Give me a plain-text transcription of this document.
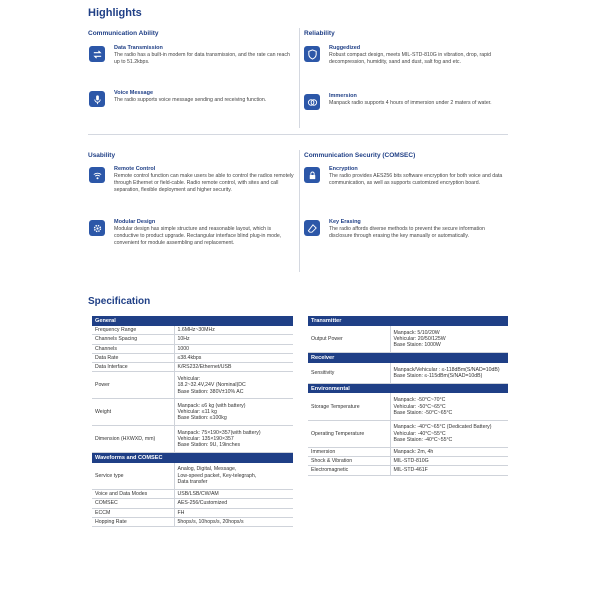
Highlights
Communication Ability
Data Transmission
The radio has a built-in modem for data transmission, and the rate can reach up to 51.2kbps.
Voice Message
The radio supports voice message sending and receiving function.
Reliability
Ruggedized
Robust compact design, meets MIL-STD-810G in vibration, drop, rapid decompression, humidity, sand and dust, salt fog and etc.
Immersion
Manpack radio supports 4 hours of immersion under 2 maters of water.
Usability
Remote Control
Remote control function can make users be able to control the radios remotely through Ethernet or field-cable. Radio remote control, with sites and call separation, flexible deployment and higher security.
Modular Design
Modular design has simple structure and reasonable layout, which is conductive to product upgrade. Rectangular interface blind plug-in mode, convenient for module assembling and replacement.
Communication Security (COMSEC)
Encryption
The radio provides AES256 bits software encryption for both voice and data communication, as well as supports customized encryption board.
Key Erasing
The radio affords diverse methods to prevent the secure information disclosure through erasing the key manually or automatically.
Specification
General	
Frequency Range	1.6MHz~30MHz

Channels Spacing	10Hz

Channels	1000

Data Rate	≤38.4kbps

Data Interface	K/RS232/Ethernet/USB

Power	Vehicular:
18.2~32.4V,24V (Nominal)DC
Base Station: 380V±10% AC

Weight	Manpack: ≤6 kg (with battery)
Vehicular: ≤11 kg
Base Station: ≤100kg

Dimension (HXWXD, mm)	Manpack: 75×190×357(with battery)
Vehicular: 135×190×357
Base Station: 9U, 19inches

Waveforms and COMSEC	
Service type	Analog, Digital, Message,
Low-speed packet, Key-telegraph,
Data transfer

Voice and Data Modes	USB/LSB/CW/AM

COMSEC	AES-256/Customized

ECCM	FH

Hopping Rate	5hops/s, 10hops/s, 20hops/s
Transmitter	
Output Power	Manpack: 5/10/20W
Vehicular: 20/50/125W
Base Staion: 1000W

Receiver	
Sensitivity	Manpack/Vehicular : ≤-118dBm(S/NAD=10dB)
Base Staion: ≤-115dBm(S/NAD=10dB)

Environmental	
Storage Temperature	Manpack: -50°C~70°C
Vehicular: -50°C~65°C
Base Staion: -50°C~65°C

Operating Temperature	Manpack: -40°C~65°C (Dedicated Battery)
Vehicular: -40°C~55°C
Base Staion: -40°C~55°C

Immersion	Manpack: 2m, 4h

Shock & Vibration	MIL-STD-810G

Electromagnetic	MIL-STD-461F
